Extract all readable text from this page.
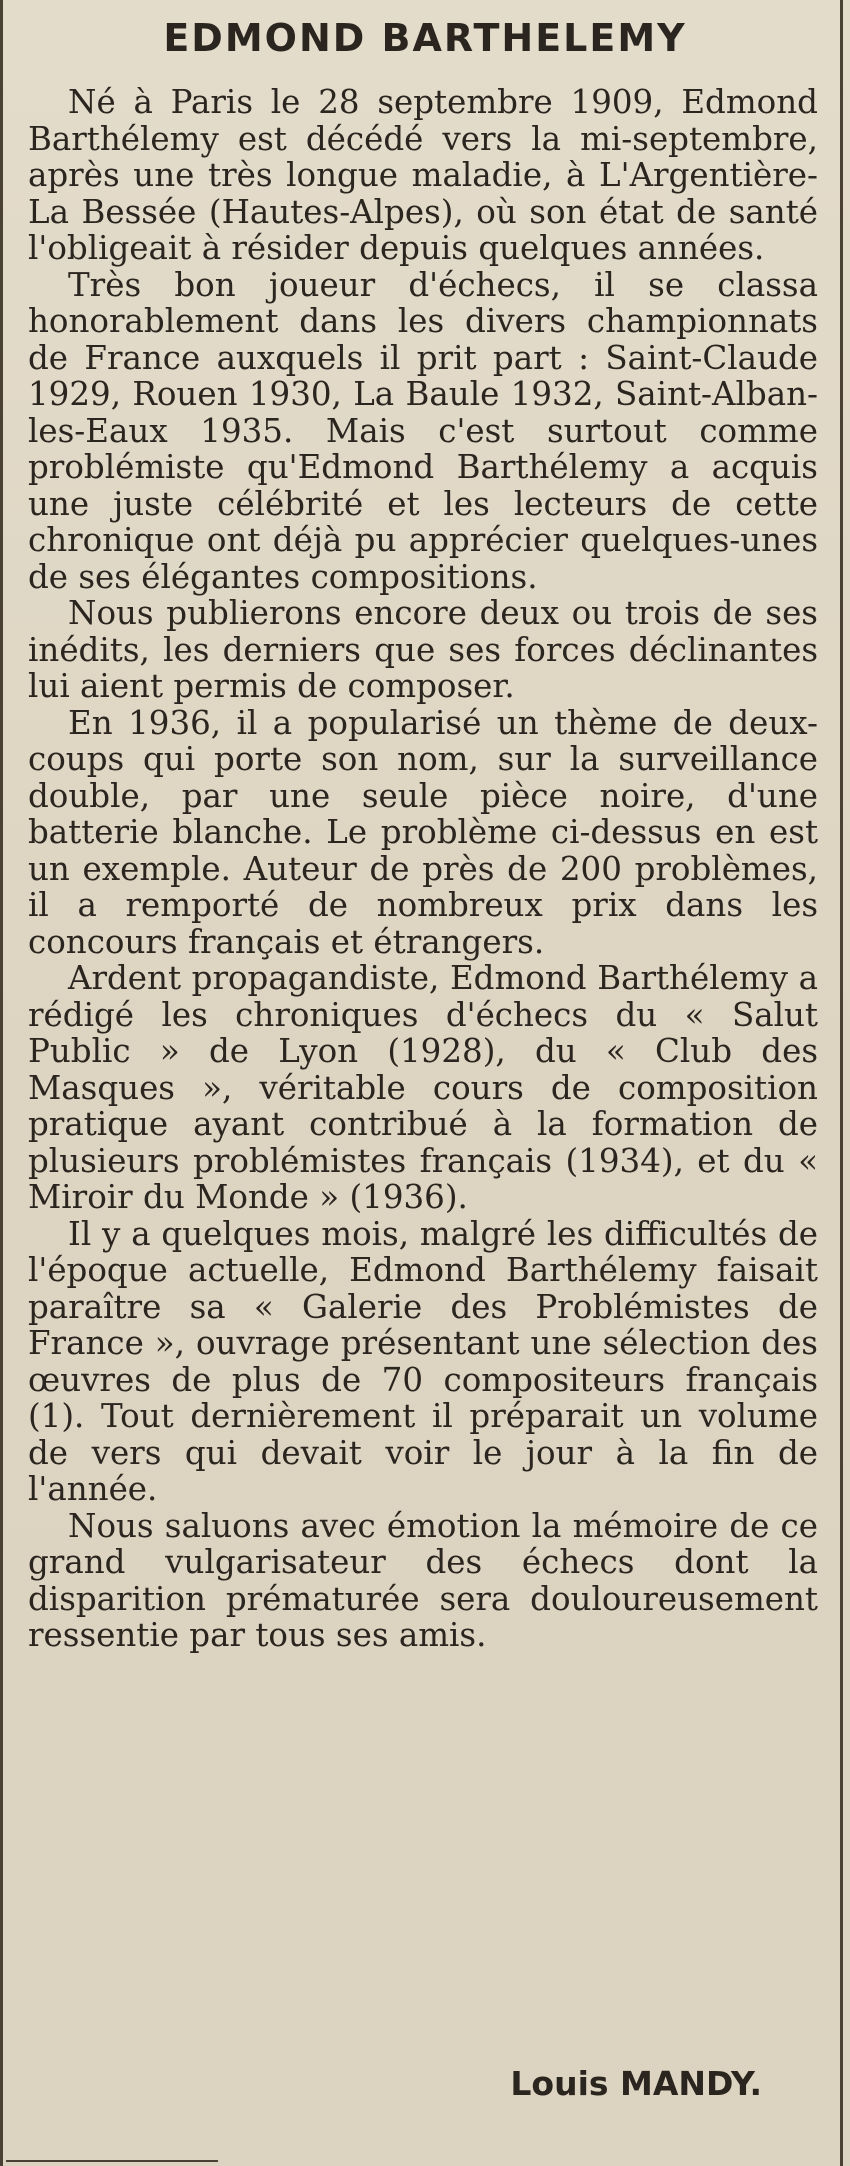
EDMOND BARTHELEMY

Né à Paris le 28 septembre 1909, Edmond Barthélemy est décédé vers la mi-septembre, après une très longue maladie, à L'Argentière-La Bessée (Hautes-Alpes), où son état de santé l'obligeait à résider depuis quelques années.

Très bon joueur d'échecs, il se classa honorablement dans les divers championnats de France auxquels il prit part : Saint-Claude 1929, Rouen 1930, La Baule 1932, Saint-Alban-les-Eaux 1935. Mais c'est surtout comme problémiste qu'Edmond Barthélemy a acquis une juste célébrité et les lecteurs de cette chronique ont déjà pu apprécier quelques-unes de ses élégantes compositions.

Nous publierons encore deux ou trois de ses inédits, les derniers que ses forces déclinantes lui aient permis de composer.

En 1936, il a popularisé un thème de deux-coups qui porte son nom, sur la surveillance double, par une seule pièce noire, d'une batterie blanche. Le problème ci-dessus en est un exemple. Auteur de près de 200 problèmes, il a remporté de nombreux prix dans les concours français et étrangers.

Ardent propagandiste, Edmond Barthélemy a rédigé les chroniques d'échecs du « Salut Public » de Lyon (1928), du « Club des Masques », véritable cours de composition pratique ayant contribué à la formation de plusieurs problémistes français (1934), et du « Miroir du Monde » (1936).

Il y a quelques mois, malgré les difficultés de l'époque actuelle, Edmond Barthélemy faisait paraître sa « Galerie des Problémistes de France », ouvrage présentant une sélection des œuvres de plus de 70 compositeurs français (1). Tout dernièrement il préparait un volume de vers qui devait voir le jour à la fin de l'année.

Nous saluons avec émotion la mémoire de ce grand vulgarisateur des échecs dont la disparition prématurée sera douloureusement ressentie par tous ses amis.

Louis MANDY.
